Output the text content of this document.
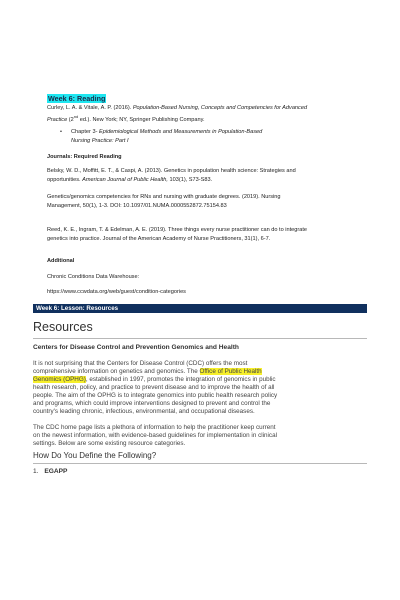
Week 6: Reading
Curley, L. A. & Vitale, A. P. (2016). Population-Based Nursing, Concepts and Competencies for Advanced
Practice (2nd ed.). New York; NY, Springer Publishing Company.
• Chapter 3- Epidemiological Methods and Measurements in Population-Based
Nursing Practice: Part I
Journals: Required Reading
Belsky, W. D., Moffitt, E. T., & Caspi, A. (2013). Genetics in population health science: Strategies and
opportunities. American Journal of Public Health, 103(1), S73-S83.
Genetics/genomics competencies for RNs and nursing with graduate degrees. (2019). Nursing
Management, 50(1), 1-3. DOI: 10.1097/01.NUMA.0000552872.75154.83
Reed, K. E., Ingram, T. & Edelman, A. E. (2019). Three things every nurse practitioner can do to integrate
genetics into practice. Journal of the American Academy of Nurse Practitioners, 31(1), 6-7.
Additional
Chronic Conditions Data Warehouse:
https://www.ccwdata.org/web/guest/condition-categories
Week 6: Lesson: Resources
Resources
Centers for Disease Control and Prevention Genomics and Health
It is not surprising that the Centers for Disease Control (CDC) offers the most
comprehensive information on genetics and genomics. The Office of Public Health
Genomics (OPHG), established in 1997, promotes the integration of genomics in public
health research, policy, and practice to prevent disease and to improve the health of all
people. The aim of the OPHG is to integrate genomics into public health research policy
and programs, which could improve interventions designed to prevent and control the
country's leading chronic, infectious, environmental, and occupational diseases.
The CDC home page lists a plethora of information to help the practitioner keep current
on the newest information, with evidence-based guidelines for implementation in clinical
settings. Below are some existing resource categories.
How Do You Define the Following?
1. EGAPP
